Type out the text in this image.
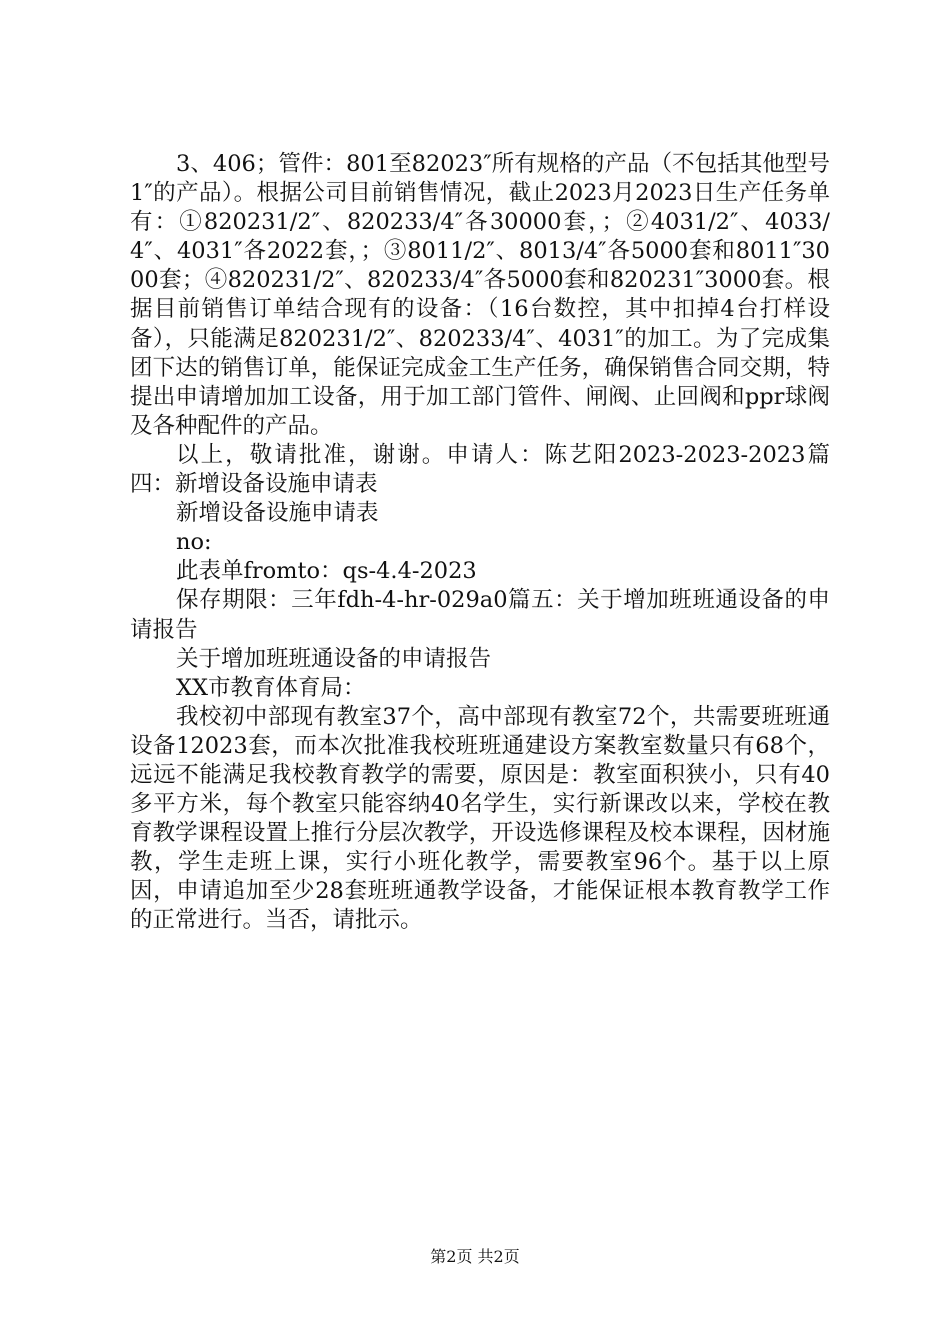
3、406；管件：801至82023″所有规格的产品（不包括其他型号1″的产品）。根据公司目前销售情况，截止2023月2023日生产任务单有：①820231/2″、820233/4″各30000套，；②4031/2″、4033/4″、4031″各2022套，；③8011/2″、8013/4″各5000套和8011″3000套；④820231/2″、820233/4″各5000套和820231″3000套。根据目前销售订单结合现有的设备：（16台数控，其中扣掉4台打样设备），只能满足820231/2″、820233/4″、4031″的加工。为了完成集团下达的销售订单，能保证完成金工生产任务，确保销售合同交期，特提出申请增加加工设备，用于加工部门管件、闸阀、止回阀和ppr球阀及各种配件的产品。

以上，敬请批准，谢谢。申请人：陈艺阳2023-2023-2023篇四：新增设备设施申请表

新增设备设施申请表

no:

此表单fromto：qs-4.4-2023

保存期限：三年fdh-4-hr-029a0篇五：关于增加班班通设备的申请报告

关于增加班班通设备的申请报告

XX市教育体育局：

我校初中部现有教室37个，高中部现有教室72个，共需要班班通设备12023套，而本次批准我校班班通建设方案教室数量只有68个，远远不能满足我校教育教学的需要，原因是：教室面积狭小，只有40多平方米，每个教室只能容纳40名学生，实行新课改以来，学校在教育教学课程设置上推行分层次教学，开设选修课程及校本课程，因材施教，学生走班上课，实行小班化教学，需要教室96个。基于以上原因，申请追加至少28套班班通教学设备，才能保证根本教育教学工作的正常进行。当否，请批示。

第2页 共2页
